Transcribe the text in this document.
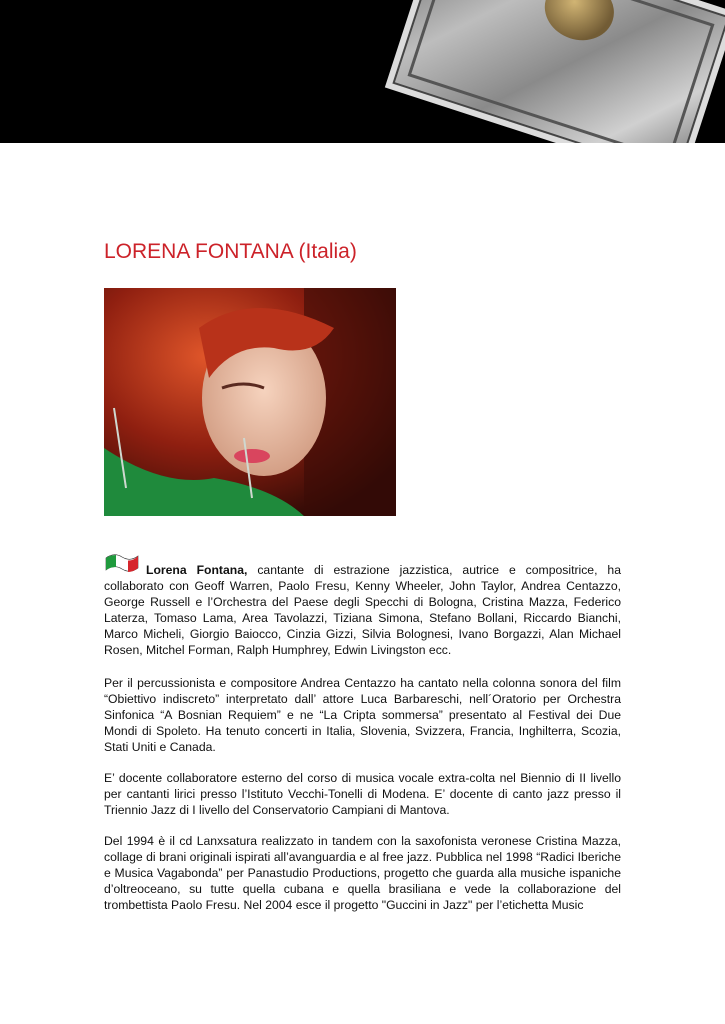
LORENA FONTANA (Italia)

Lorena Fontana, cantante di estrazione jazzistica, autrice e compositrice, ha collaborato con Geoff Warren, Paolo Fresu, Kenny Wheeler, John Taylor, Andrea Centazzo, George Russell e l’Orchestra del Paese degli Specchi di Bologna, Cristina Mazza, Federico Laterza, Tomaso Lama, Area Tavolazzi, Tiziana Simona, Stefano Bollani, Riccardo Bianchi, Marco Micheli, Giorgio Baiocco, Cinzia Gizzi, Silvia Bolognesi, Ivano Borgazzi, Alan Michael Rosen, Mitchel Forman, Ralph Humphrey, Edwin Livingston ecc.

Per il percussionista e compositore Andrea Centazzo ha cantato nella colonna sonora del film “Obiettivo indiscreto” interpretato dall’ attore Luca Barbareschi, nell´Oratorio per Orchestra Sinfonica “A Bosnian Requiem” e ne “La Cripta sommersa” presentato al Festival dei Due Mondi di Spoleto. Ha tenuto concerti in Italia, Slovenia, Svizzera, Francia, Inghilterra, Scozia, Stati Uniti e Canada.

E’ docente collaboratore esterno del corso di musica vocale extra-colta nel Biennio di II livello per cantanti lirici presso l’Istituto Vecchi-Tonelli di Modena. E’ docente di canto jazz presso il Triennio Jazz di I livello del Conservatorio Campiani di Mantova.

Del 1994 è il cd Lanxsatura realizzato in tandem con la saxofonista veronese Cristina Mazza, collage di brani originali ispirati all’avanguardia e al free jazz. Pubblica nel 1998 “Radici Iberiche e Musica Vagabonda” per Panastudio Productions, progetto che guarda alla musiche ispaniche d’oltreoceano, su tutte quella cubana e quella brasiliana e vede la collaborazione del trombettista Paolo Fresu. Nel 2004 esce il progetto "Guccini in Jazz" per l’etichetta Music
